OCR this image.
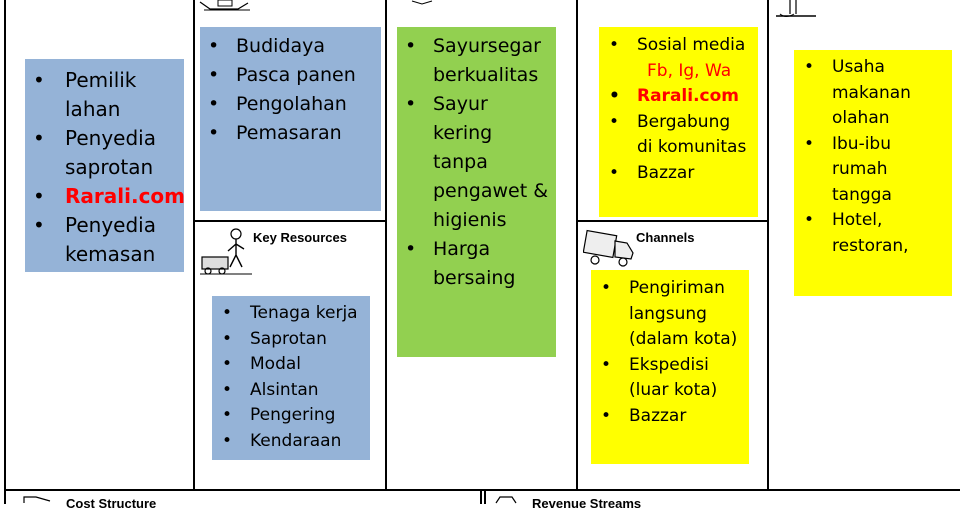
• Pemilik lahan
• Penyedia saprotan
• Rarali.com
• Penyedia kemasan
• Budidaya
• Pasca panen
• Pengolahan
• Pemasaran
Key Resources
• Tenaga kerja
• Saprotan
• Modal
• Alsintan
• Pengering
• Kendaraan
• Sayursegar berkualitas
• Sayur kering tanpa pengawet & higienis
• Harga bersaing
• Sosial media
Fb, Ig, Wa
• Rarali.com
• Bergabung di komunitas
• Bazzar
Channels
• Pengiriman langsung (dalam kota)
• Ekspedisi (luar kota)
• Bazzar
• Usaha makanan olahan
• Ibu-ibu rumah tangga
• Hotel, restoran,
Cost Structure	Revenue Streams
